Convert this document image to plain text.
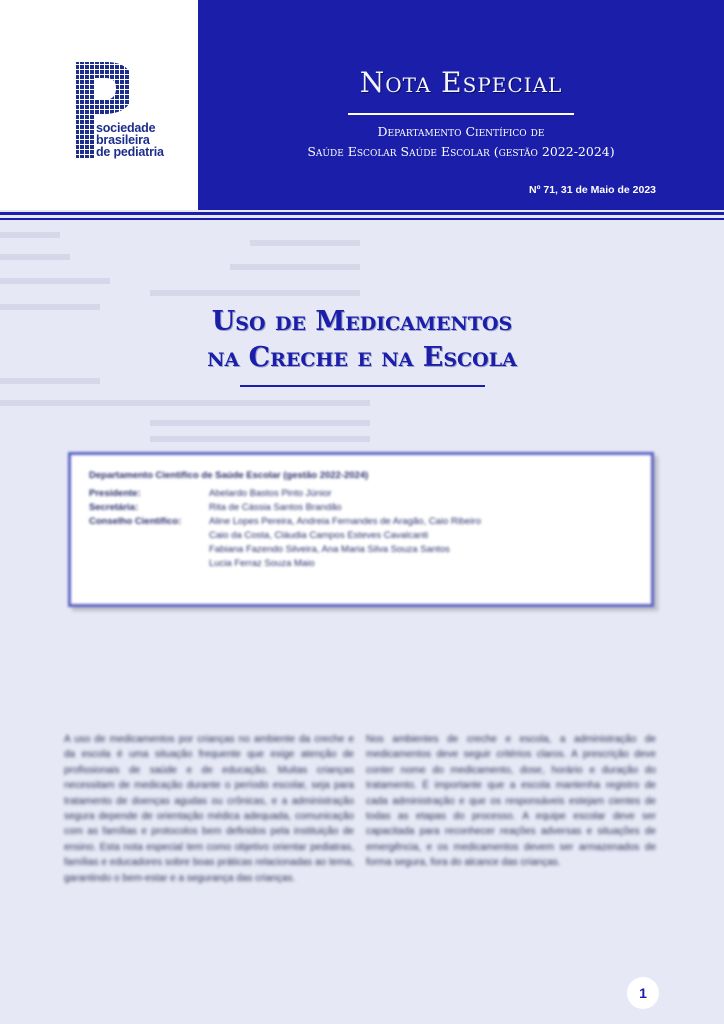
sociedade
brasileira
de pediatria
Nota Especial
Departamento Científico de
Saúde Escolar Saúde Escolar (gestão 2022-2024)
Nº 71, 31 de Maio de 2023
Uso de Medicamentos
na Creche e na Escola
Departamento Científico de Saúde Escolar (gestão 2022-2024)
Presidente:	Abelardo Bastos Pinto Júnior
Secretária:	Rita de Cássia Santos Brandão
Conselho Científico:	Aline Lopes Pereira, Andreia Fernandes de Aragão, Caio Ribeiro
Caio da Costa, Cláudia Campos Esteves Cavalcanti
Fabiana Fazendo Silveira, Ana Maria Silva Souza Santos
Lucia Ferraz Souza Maio

A uso de medicamentos por crianças no ambiente da creche e da escola é uma situação frequente que exige atenção de profissionais de saúde e de educação. Muitas crianças necessitam de medicação durante o período escolar, seja para tratamento de doenças agudas ou crônicas, e a administração segura depende de orientação médica adequada, comunicação com as famílias e protocolos bem definidos pela instituição de ensino. Esta nota especial tem como objetivo orientar pediatras, famílias e educadores sobre boas práticas relacionadas ao tema, garantindo o bem-estar e a segurança das crianças.

Nos ambientes de creche e escola, a administração de medicamentos deve seguir critérios claros. A prescrição deve conter nome do medicamento, dose, horário e duração do tratamento. É importante que a escola mantenha registro de cada administração e que os responsáveis estejam cientes de todas as etapas do processo. A equipe escolar deve ser capacitada para reconhecer reações adversas e situações de emergência, e os medicamentos devem ser armazenados de forma segura, fora do alcance das crianças.

1
